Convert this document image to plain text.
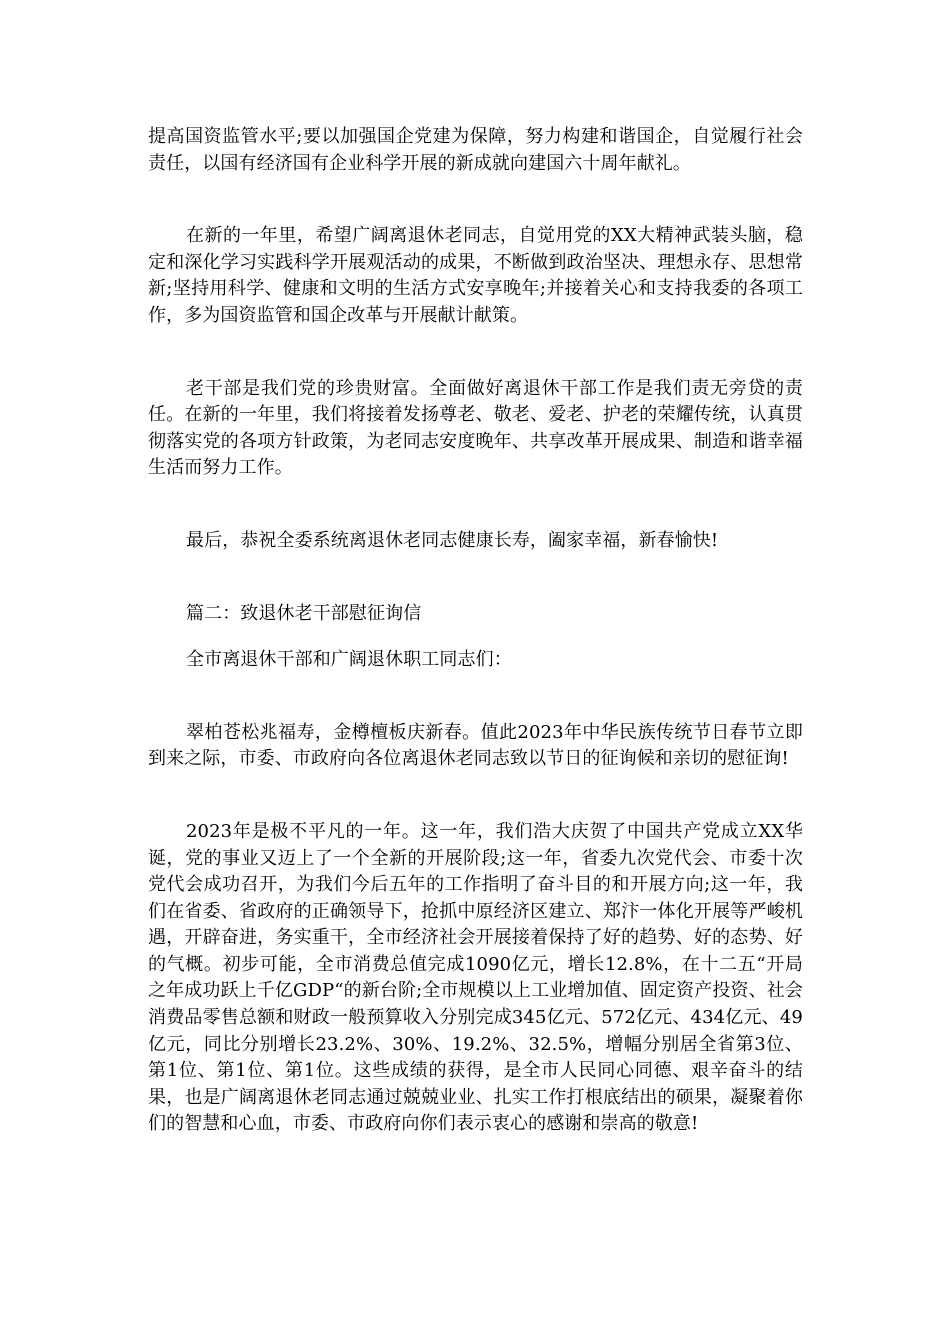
提高国资监管水平;要以加强国企党建为保障，努力构建和谐国企，自觉履行社会责任，以国有经济国有企业科学开展的新成就向建国六十周年献礼。

在新的一年里，希望广阔离退休老同志，自觉用党的XX大精神武装头脑，稳定和深化学习实践科学开展观活动的成果，不断做到政治坚决、理想永存、思想常新;坚持用科学、健康和文明的生活方式安享晚年;并接着关心和支持我委的各项工作，多为国资监管和国企改革与开展献计献策。

老干部是我们党的珍贵财富。全面做好离退休干部工作是我们责无旁贷的责任。在新的一年里，我们将接着发扬尊老、敬老、爱老、护老的荣耀传统，认真贯彻落实党的各项方针政策，为老同志安度晚年、共享改革开展成果、制造和谐幸福生活而努力工作。

最后，恭祝全委系统离退休老同志健康长寿，阖家幸福，新春愉快!

篇二：致退休老干部慰征询信

全市离退休干部和广阔退休职工同志们：

翠柏苍松兆福寿，金樽檀板庆新春。值此2023年中华民族传统节日春节立即到来之际，市委、市政府向各位离退休老同志致以节日的征询候和亲切的慰征询!

2023年是极不平凡的一年。这一年，我们浩大庆贺了中国共产党成立XX华诞，党的事业又迈上了一个全新的开展阶段;这一年，省委九次党代会、市委十次党代会成功召开，为我们今后五年的工作指明了奋斗目的和开展方向;这一年，我们在省委、省政府的正确领导下，抢抓中原经济区建立、郑汴一体化开展等严峻机遇，开辟奋进，务实重干，全市经济社会开展接着保持了好的趋势、好的态势、好的气概。初步可能，全市消费总值完成1090亿元，增长12.8%，在十二五“开局之年成功跃上千亿GDP“的新台阶;全市规模以上工业增加值、固定资产投资、社会消费品零售总额和财政一般预算收入分别完成345亿元、572亿元、434亿元、49亿元，同比分别增长23.2%、30%、19.2%、32.5%，增幅分别居全省第3位、第1位、第1位、第1位。这些成绩的获得，是全市人民同心同德、艰辛奋斗的结果，也是广阔离退休老同志通过兢兢业业、扎实工作打根底结出的硕果，凝聚着你们的智慧和心血，市委、市政府向你们表示衷心的感谢和崇高的敬意!
